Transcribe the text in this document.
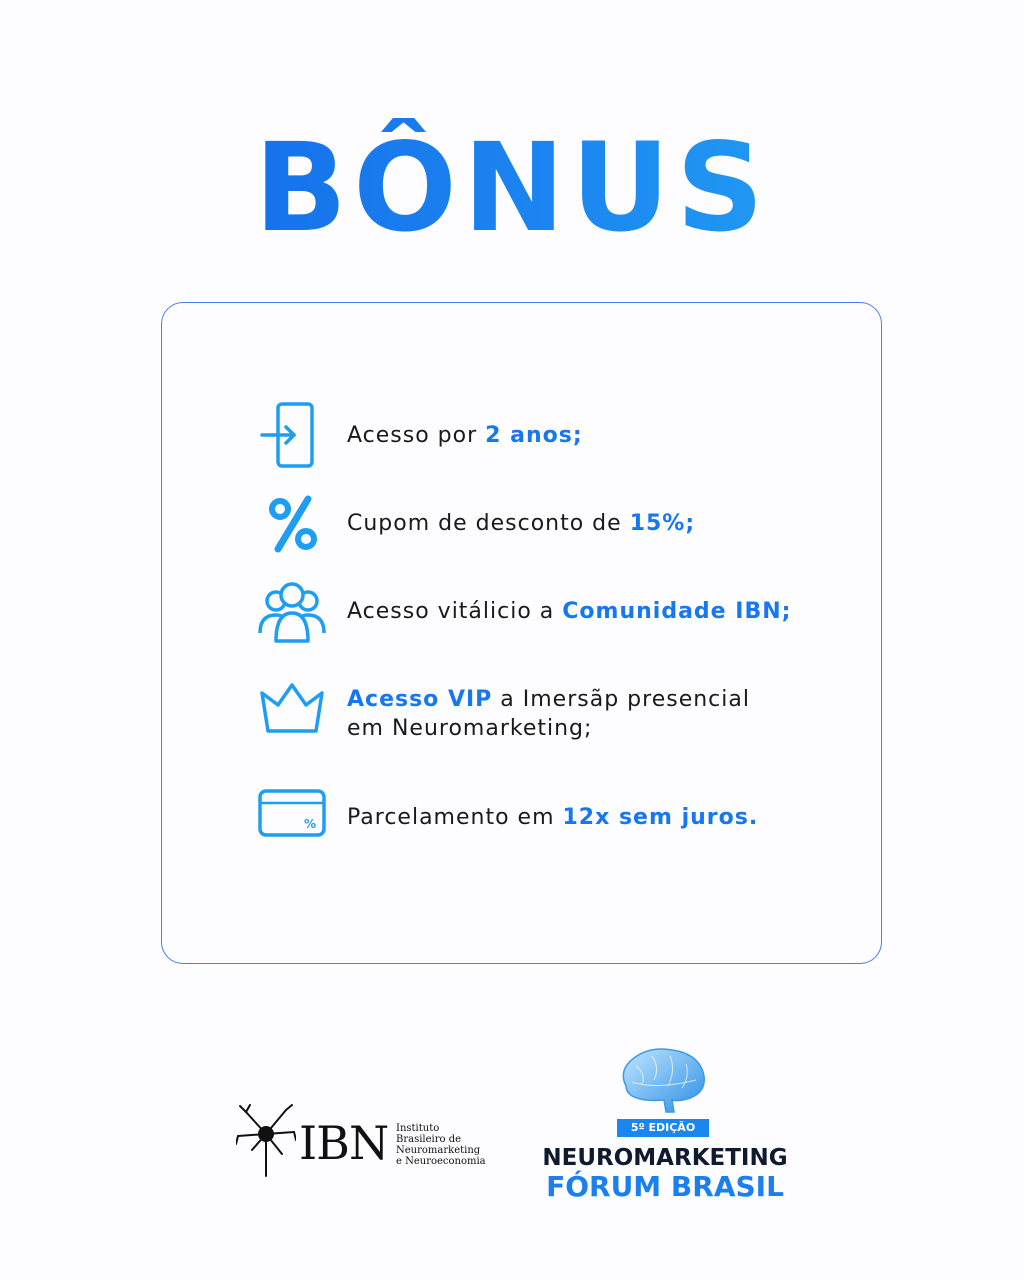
BÔNUS
Acesso por 2 anos;
Cupom de desconto de 15%;
Acesso vitálicio a Comunidade IBN;
Acesso VIP a Imersãp presencial
em Neuromarketing;
% Parcelamento em 12x sem juros.
IBN Instituto
Brasileiro de
Neuromarketing
e Neuroeconomia
5º EDIÇÃO
NEUROMARKETING
FÓRUM BRASIL
